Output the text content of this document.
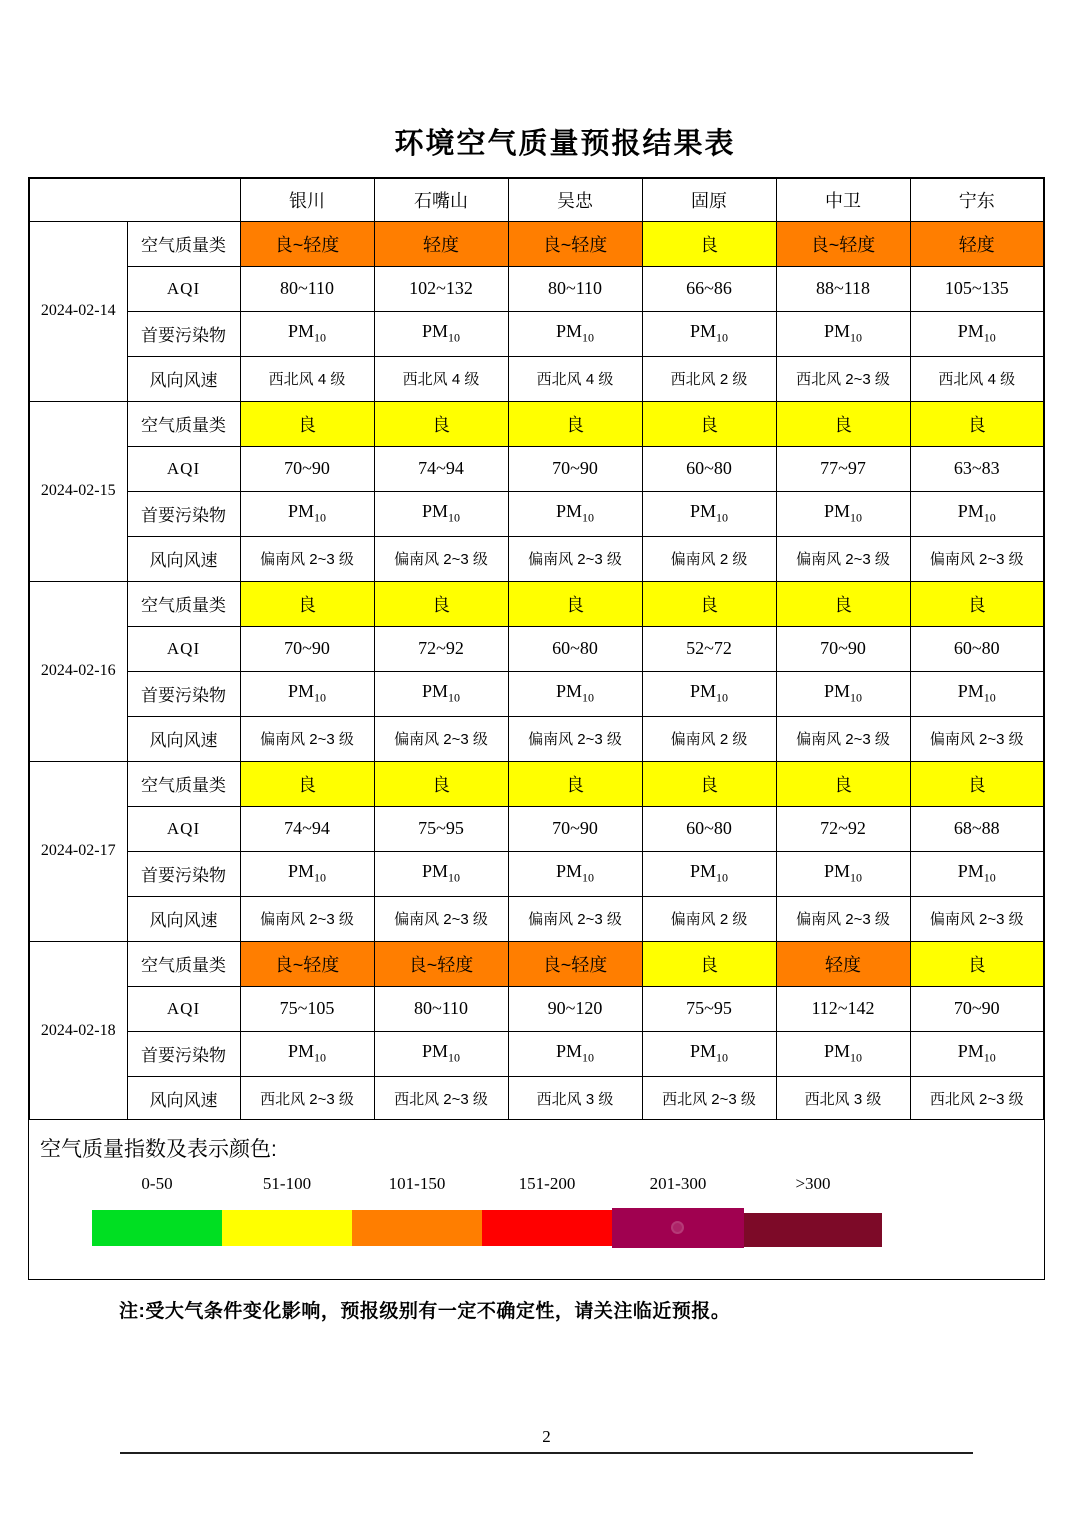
环境空气质量预报结果表
		银川	石嘴山	吴忠	固原	中卫	宁东
2024-02-14	空气质量类	良~轻度	轻度	良~轻度	良	良~轻度	轻度
	AQI	80~110	102~132	80~110	66~86	88~118	105~135
	首要污染物	$PM_{10}$	$PM_{10}$	$PM_{10}$	$PM_{10}$	$PM_{10}$	$PM_{10}$
	风向风速	西北风 4 级	西北风 4 级	西北风 4 级	西北风 2 级	西北风 2~3 级	西北风 4 级
2024-02-15	空气质量类	良	良	良	良	良	良
	AQI	70~90	74~94	70~90	60~80	77~97	63~83
	首要污染物	$PM_{10}$	$PM_{10}$	$PM_{10}$	$PM_{10}$	$PM_{10}$	$PM_{10}$
	风向风速	偏南风 2~3 级	偏南风 2~3 级	偏南风 2~3 级	偏南风 2 级	偏南风 2~3 级	偏南风 2~3 级
2024-02-16	空气质量类	良	良	良	良	良	良
	AQI	70~90	72~92	60~80	52~72	70~90	60~80
	首要污染物	$PM_{10}$	$PM_{10}$	$PM_{10}$	$PM_{10}$	$PM_{10}$	$PM_{10}$
	风向风速	偏南风 2~3 级	偏南风 2~3 级	偏南风 2~3 级	偏南风 2 级	偏南风 2~3 级	偏南风 2~3 级
2024-02-17	空气质量类	良	良	良	良	良	良
	AQI	74~94	75~95	70~90	60~80	72~92	68~88
	首要污染物	$PM_{10}$	$PM_{10}$	$PM_{10}$	$PM_{10}$	$PM_{10}$	$PM_{10}$
	风向风速	偏南风 2~3 级	偏南风 2~3 级	偏南风 2~3 级	偏南风 2 级	偏南风 2~3 级	偏南风 2~3 级
2024-02-18	空气质量类	良~轻度	良~轻度	良~轻度	良	轻度	良
	AQI	75~105	80~110	90~120	75~95	112~142	70~90
	首要污染物	$PM_{10}$	$PM_{10}$	$PM_{10}$	$PM_{10}$	$PM_{10}$	$PM_{10}$
	风向风速	西北风 2~3 级	西北风 2~3 级	西北风 3 级	西北风 2~3 级	西北风 3 级	西北风 2~3 级
空气质量指数及表示颜色:
0-50	51-100	101-150	151-200	201-300	>300
注:受大气条件变化影响，预报级别有一定不确定性，请关注临近预报。
2
